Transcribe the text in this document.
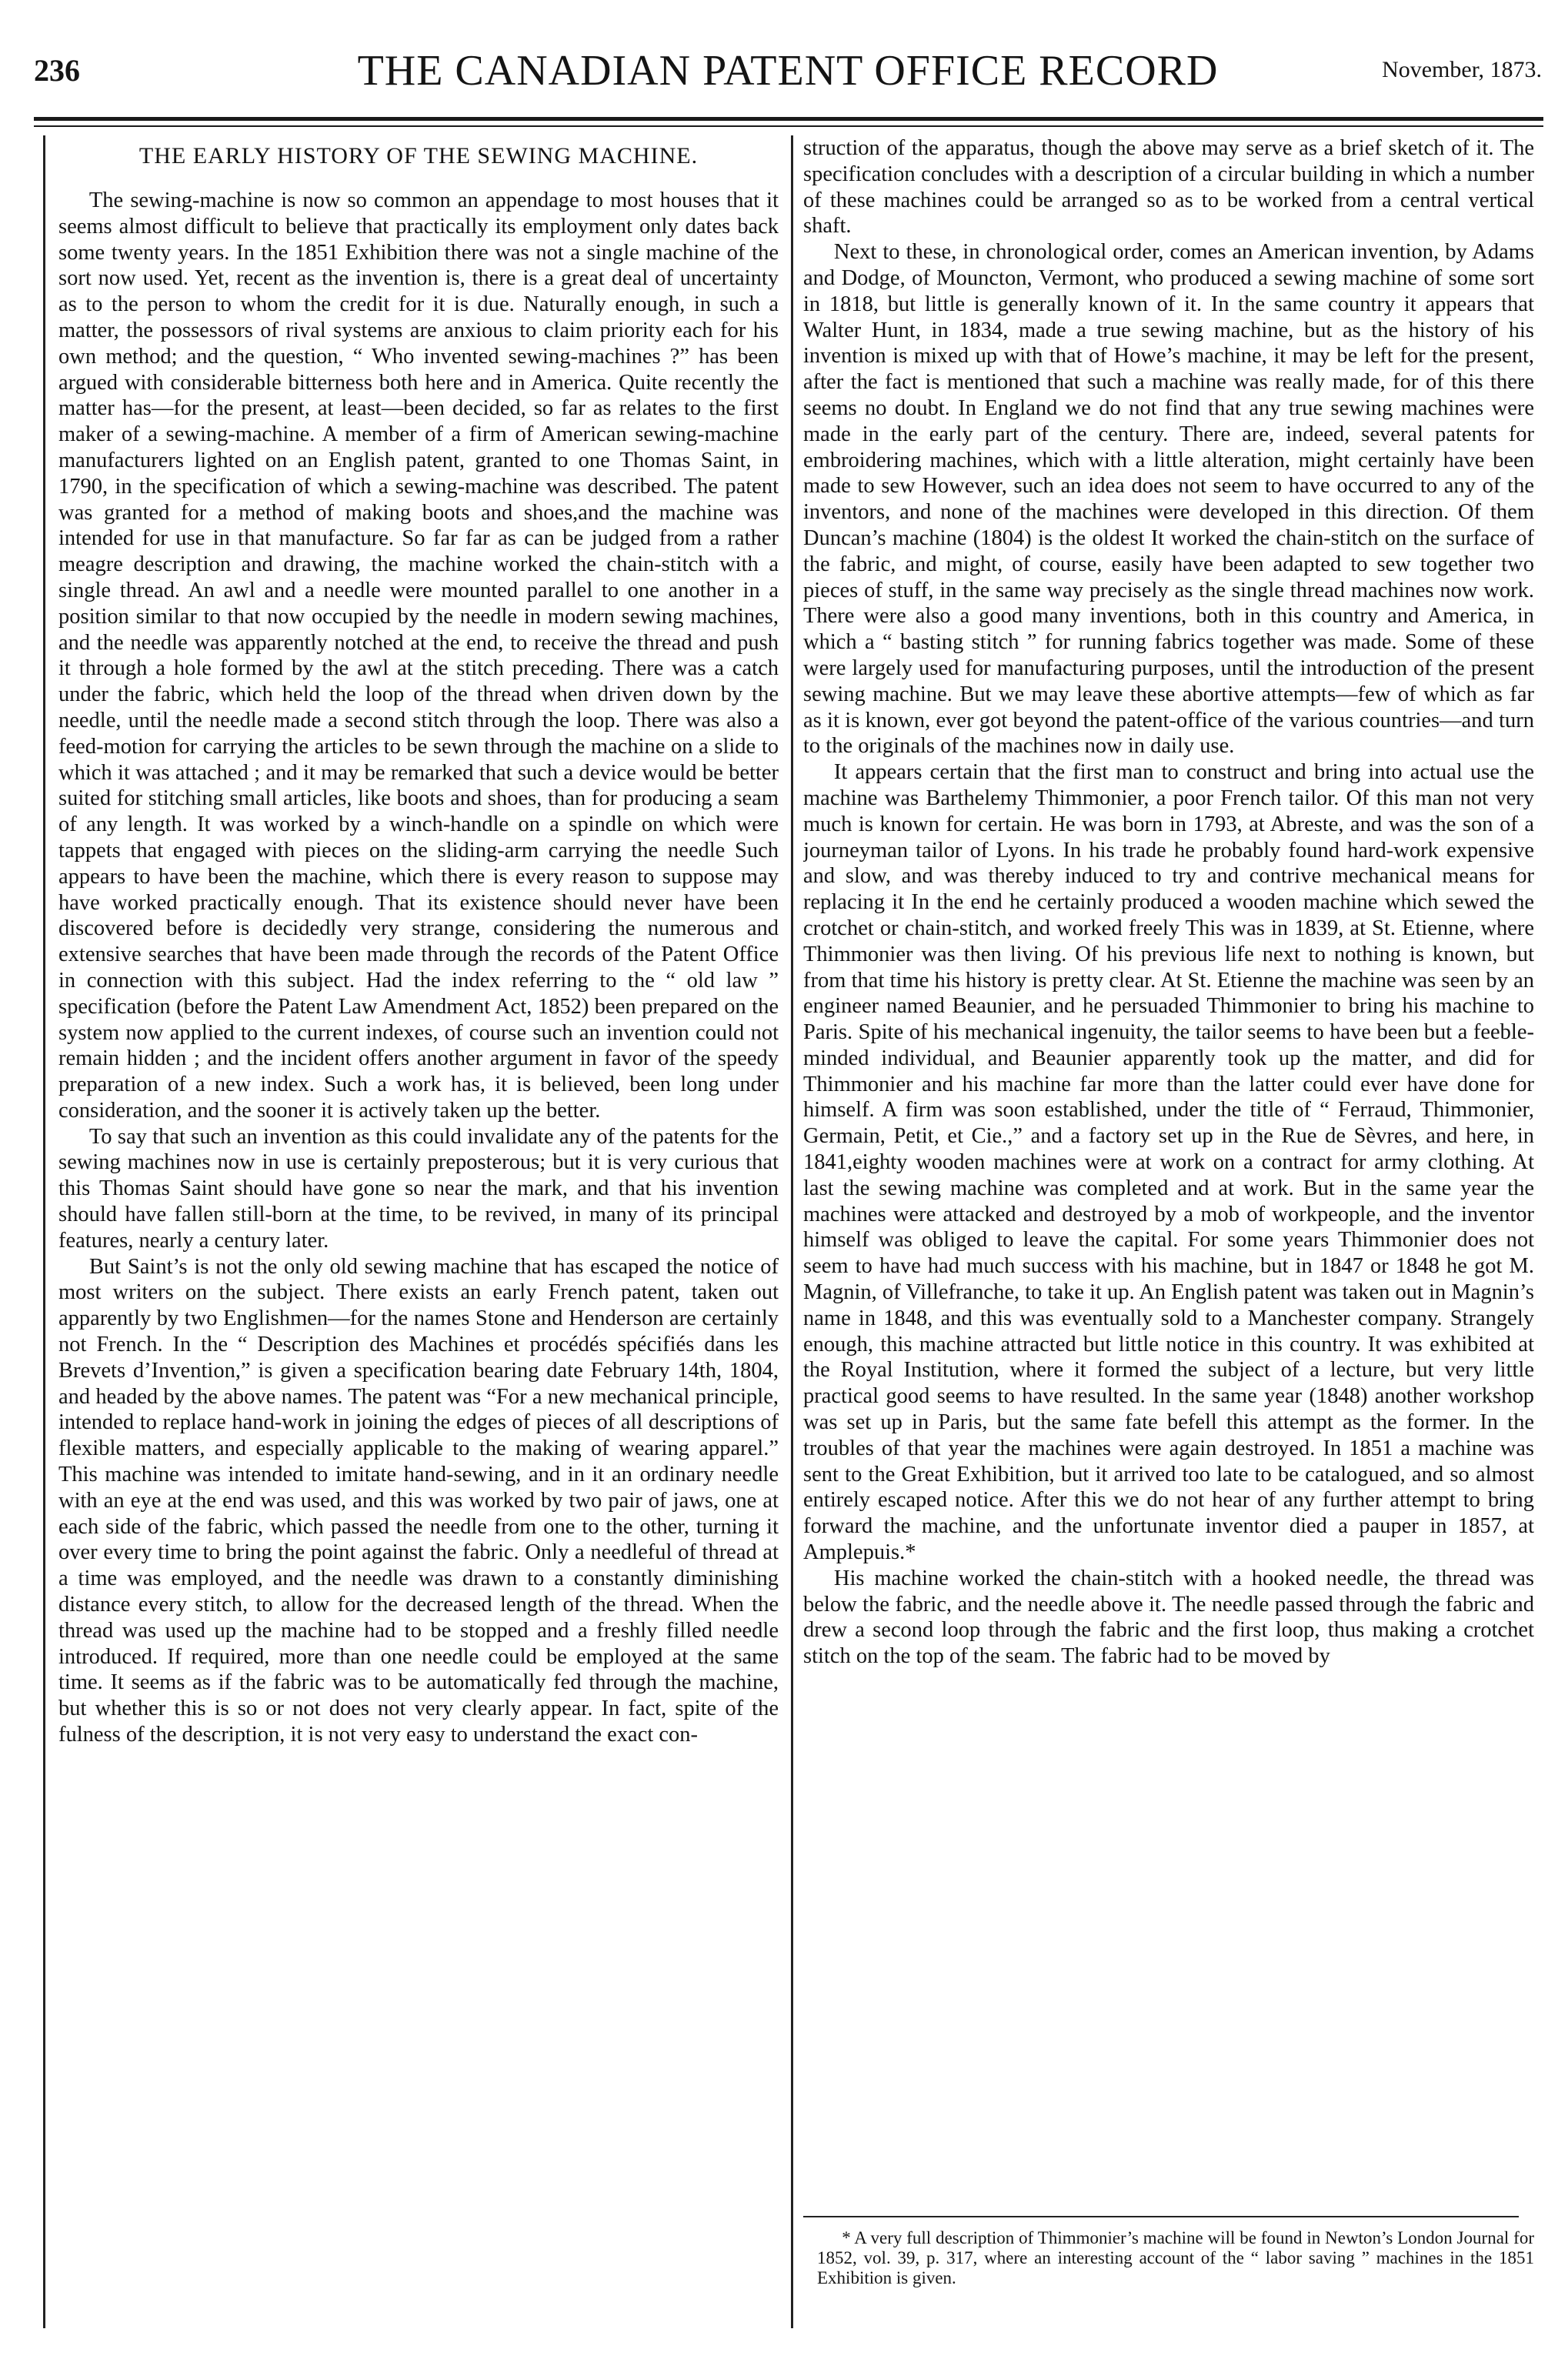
236	THE CANADIAN PATENT OFFICE RECORD	November, 1873.
THE EARLY HISTORY OF THE SEWING MACHINE.

The sewing-machine is now so common an appendage to most houses that it seems almost difficult to believe that practically its employment only dates back some twenty years. In the 1851 Exhibition there was not a single machine of the sort now used. Yet, recent as the invention is, there is a great deal of uncertainty as to the person to whom the credit for it is due. Naturally enough, in such a matter, the possessors of rival systems are anxious to claim priority each for his own method; and the question, “ Who invented sewing-machines ?” has been argued with considerable bitterness both here and in America. Quite recently the matter has—for the present, at least—been decided, so far as relates to the first maker of a sewing-machine. A member of a firm of American sewing-machine manufacturers lighted on an English patent, granted to one Thomas Saint, in 1790, in the specification of which a sewing-machine was described. The patent was granted for a method of making boots and shoes,and the machine was intended for use in that manufacture. So far far as can be judged from a rather meagre description and drawing, the machine worked the chain-stitch with a single thread. An awl and a needle were mounted parallel to one another in a position similar to that now occupied by the needle in modern sewing machines, and the needle was apparently notched at the end, to receive the thread and push it through a hole formed by the awl at the stitch preceding. There was a catch under the fabric, which held the loop of the thread when driven down by the needle, until the needle made a second stitch through the loop. There was also a feed-motion for carrying the articles to be sewn through the machine on a slide to which it was attached ; and it may be remarked that such a device would be better suited for stitching small articles, like boots and shoes, than for producing a seam of any length. It was worked by a winch-handle on a spindle on which were tappets that engaged with pieces on the sliding-arm carrying the needle Such appears to have been the machine, which there is every reason to suppose may have worked practically enough. That its existence should never have been discovered before is decidedly very strange, considering the numerous and extensive searches that have been made through the records of the Patent Office in connection with this subject. Had the index referring to the “ old law ” specification (before the Patent Law Amendment Act, 1852) been prepared on the system now applied to the current indexes, of course such an invention could not remain hidden ; and the incident offers another argument in favor of the speedy preparation of a new index. Such a work has, it is believed, been long under consideration, and the sooner it is actively taken up the better.

To say that such an invention as this could invalidate any of the patents for the sewing machines now in use is certainly preposterous; but it is very curious that this Thomas Saint should have gone so near the mark, and that his invention should have fallen still-born at the time, to be revived, in many of its principal features, nearly a century later.

But Saint’s is not the only old sewing machine that has escaped the notice of most writers on the subject. There exists an early French patent, taken out apparently by two Englishmen—for the names Stone and Henderson are certainly not French. In the “ Description des Machines et procédés spécifiés dans les Brevets d’Invention,” is given a specification bearing date February 14th, 1804, and headed by the above names. The patent was “For a new mechanical principle, intended to replace hand-work in joining the edges of pieces of all descriptions of flexible matters, and especially applicable to the making of wearing apparel.” This machine was intended to imitate hand-sewing, and in it an ordinary needle with an eye at the end was used, and this was worked by two pair of jaws, one at each side of the fabric, which passed the needle from one to the other, turning it over every time to bring the point against the fabric. Only a needleful of thread at a time was employed, and the needle was drawn to a constantly diminishing distance every stitch, to allow for the decreased length of the thread. When the thread was used up the machine had to be stopped and a freshly filled needle introduced. If required, more than one needle could be employed at the same time. It seems as if the fabric was to be automatically fed through the machine, but whether this is so or not does not very clearly appear. In fact, spite of the fulness of the description, it is not very easy to understand the exact con-

struction of the apparatus, though the above may serve as a brief sketch of it. The specification concludes with a description of a circular building in which a number of these machines could be arranged so as to be worked from a central vertical shaft.

Next to these, in chronological order, comes an American invention, by Adams and Dodge, of Mouncton, Vermont, who produced a sewing machine of some sort in 1818, but little is generally known of it. In the same country it appears that Walter Hunt, in 1834, made a true sewing machine, but as the history of his invention is mixed up with that of Howe’s machine, it may be left for the present, after the fact is mentioned that such a machine was really made, for of this there seems no doubt. In England we do not find that any true sewing machines were made in the early part of the century. There are, indeed, several patents for embroidering machines, which with a little alteration, might certainly have been made to sew However, such an idea does not seem to have occurred to any of the inventors, and none of the machines were developed in this direction. Of them Duncan’s machine (1804) is the oldest It worked the chain-stitch on the surface of the fabric, and might, of course, easily have been adapted to sew together two pieces of stuff, in the same way precisely as the single thread machines now work. There were also a good many inventions, both in this country and America, in which a “ basting stitch ” for running fabrics together was made. Some of these were largely used for manufacturing purposes, until the introduction of the present sewing machine. But we may leave these abortive attempts—few of which as far as it is known, ever got beyond the patent-office of the various countries—and turn to the originals of the machines now in daily use.

It appears certain that the first man to construct and bring into actual use the machine was Barthelemy Thimmonier, a poor French tailor. Of this man not very much is known for certain. He was born in 1793, at Abreste, and was the son of a journeyman tailor of Lyons. In his trade he probably found hard-work expensive and slow, and was thereby induced to try and contrive mechanical means for replacing it In the end he certainly produced a wooden machine which sewed the crotchet or chain-stitch, and worked freely This was in 1839, at St. Etienne, where Thimmonier was then living. Of his previous life next to nothing is known, but from that time his history is pretty clear. At St. Etienne the machine was seen by an engineer named Beaunier, and he persuaded Thimmonier to bring his machine to Paris. Spite of his mechanical ingenuity, the tailor seems to have been but a feeble-minded individual, and Beaunier apparently took up the matter, and did for Thimmonier and his machine far more than the latter could ever have done for himself. A firm was soon established, under the title of “ Ferraud, Thimmonier, Germain, Petit, et Cie.,” and a factory set up in the Rue de Sèvres, and here, in 1841,eighty wooden machines were at work on a contract for army clothing. At last the sewing machine was completed and at work. But in the same year the machines were attacked and destroyed by a mob of workpeople, and the inventor himself was obliged to leave the capital. For some years Thimmonier does not seem to have had much success with his machine, but in 1847 or 1848 he got M. Magnin, of Villefranche, to take it up. An English patent was taken out in Magnin’s name in 1848, and this was eventually sold to a Manchester company. Strangely enough, this machine attracted but little notice in this country. It was exhibited at the Royal Institution, where it formed the subject of a lecture, but very little practical good seems to have resulted. In the same year (1848) another workshop was set up in Paris, but the same fate befell this attempt as the former. In the troubles of that year the machines were again destroyed. In 1851 a machine was sent to the Great Exhibition, but it arrived too late to be catalogued, and so almost entirely escaped notice. After this we do not hear of any further attempt to bring forward the machine, and the unfortunate inventor died a pauper in 1857, at Amplepuis.*

His machine worked the chain-stitch with a hooked needle, the thread was below the fabric, and the needle above it. The needle passed through the fabric and drew a second loop through the fabric and the first loop, thus making a crotchet stitch on the top of the seam. The fabric had to be moved by

* A very full description of Thimmonier’s machine will be found in Newton’s London Journal for 1852, vol. 39, p. 317, where an interesting account of the “ labor saving ” machines in the 1851 Exhibition is given.
